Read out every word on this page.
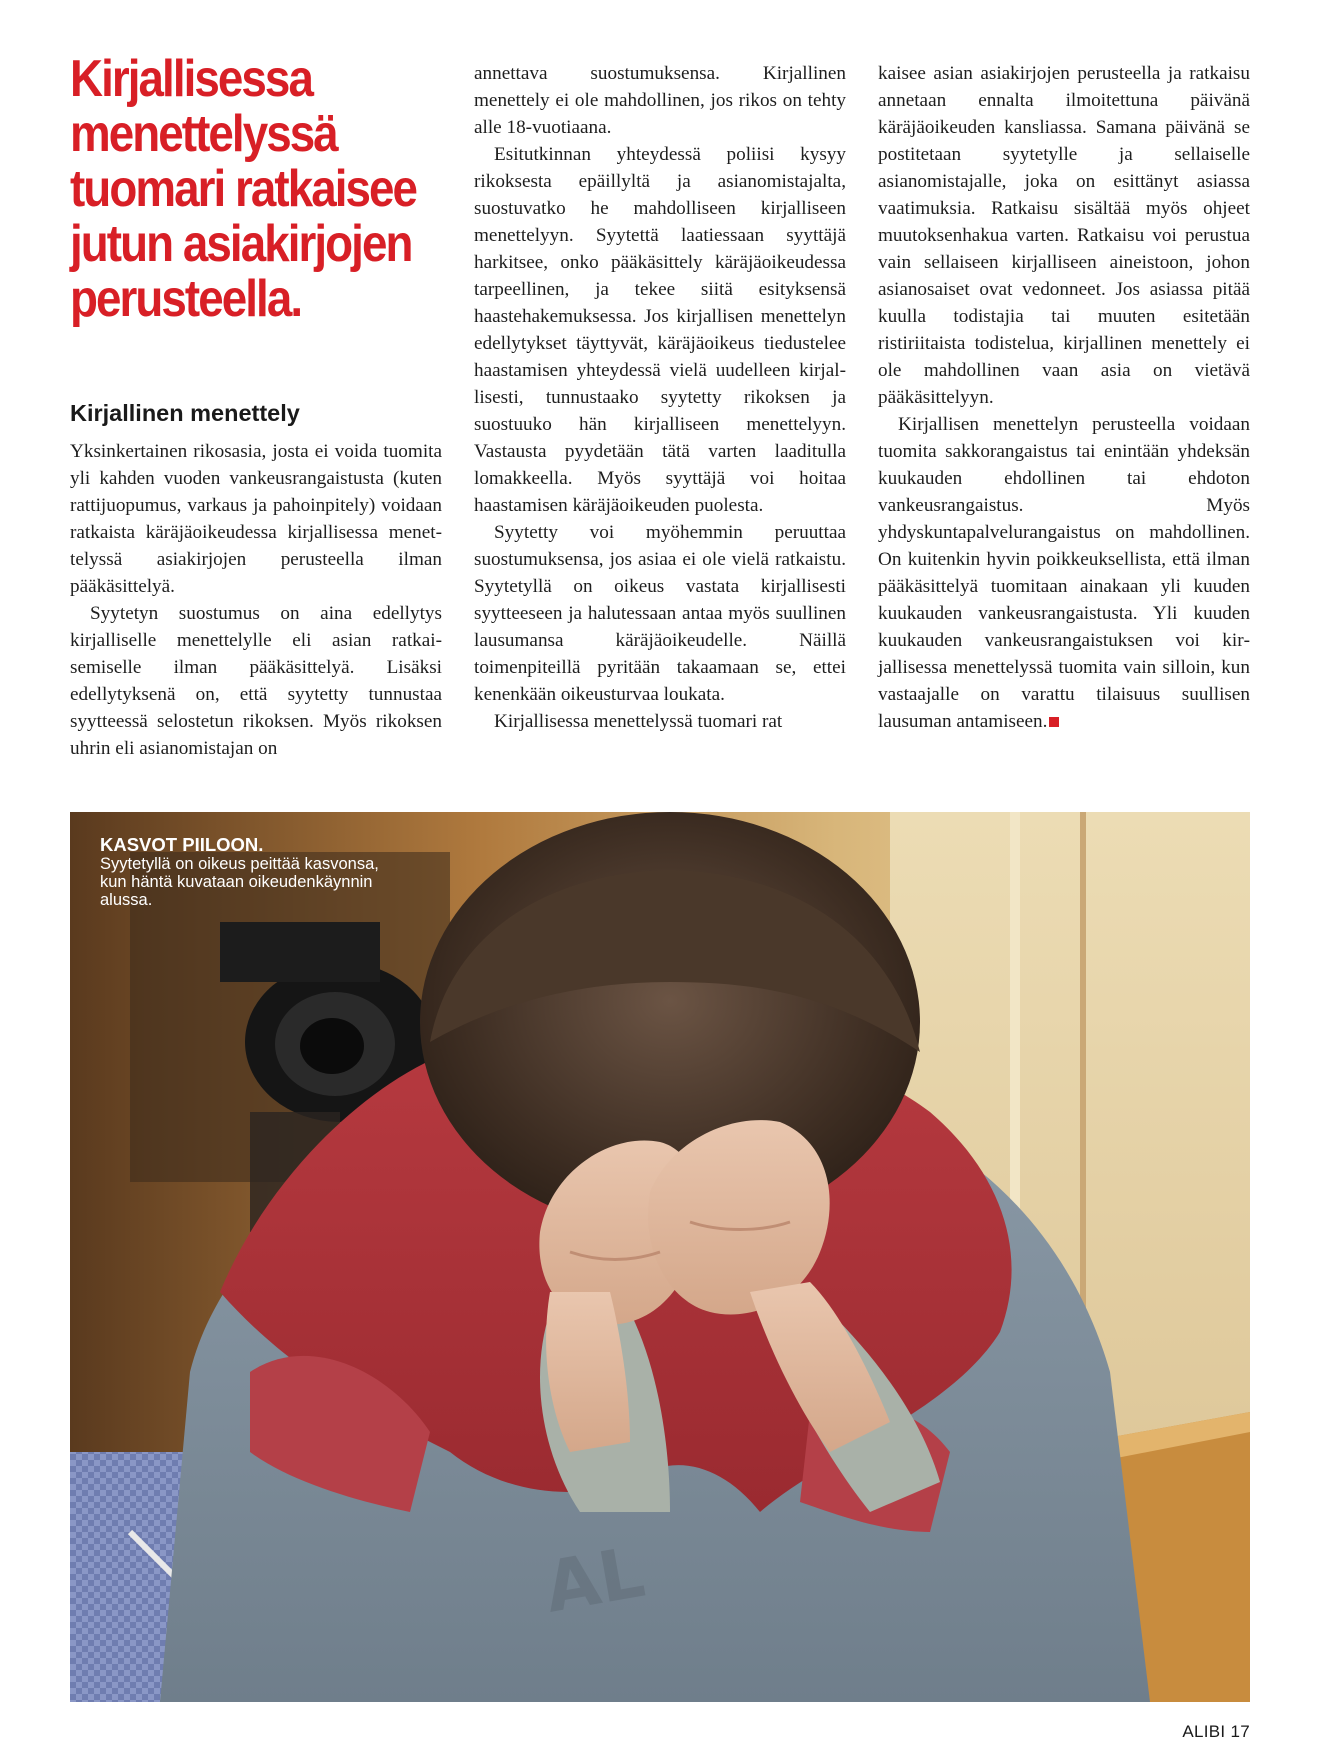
Kirjallisessa menettelyssä tuomari ratkaisee jutun asiakirjojen perusteella.
Kirjallinen menettely

Yksinkertainen rikosasia, josta ei voida tuomita yli kahden vuoden vankeusrangaistusta (kuten rattijuopumus, varkaus ja pahoinpitely) voidaan ratkaista käräjäoikeudessa kirjallisessa menettelyssä asiakirjojen perusteella ilman pääkäsittelyä.

Syytetyn suostumus on aina edellytys kirjalliselle menettelylle eli asian ratkaisemiselle ilman pääkäsittelyä. Lisäksi edellytyksenä on, että syytetty tunnustaa syytteessä selostetun rikoksen. Myös rikoksen uhrin eli asianomistajan on

annettava suostumuksensa. Kirjallinen menettely ei ole mahdollinen, jos rikos on tehty alle 18-vuotiaana.

Esitutkinnan yhteydessä poliisi kysyy rikoksesta epäillyltä ja asianomistajalta, suostuvatko he mahdolliseen kirjalliseen menettelyyn. Syytettä laatiessaan syyttäjä harkitsee, onko pääkäsittely käräjäoikeudessa tarpeellinen, ja tekee siitä esityksensä haastehakemuksessa. Jos kirjallisen menettelyn edellytykset täyttyvät, käräjäoikeus tiedustelee haastamisen yhteydessä vielä uudelleen kirjallisesti, tunnustaako syytetty rikoksen ja suostuuko hän kirjalliseen menettelyyn. Vastausta pyydetään tätä varten laaditulla lomakkeella. Myös syyttäjä voi hoitaa haastamisen käräjäoikeuden puolesta.

Syytetty voi myöhemmin peruuttaa suostumuksensa, jos asiaa ei ole vielä ratkaistu. Syytetyllä on oikeus vastata kirjallisesti syytteeseen ja halutessaan antaa myös suullinen lausumansa käräjäoikeudelle. Näillä toimenpiteillä pyritään takaamaan se, ettei kenenkään oikeusturvaa loukata.

Kirjallisessa menettelyssä tuomari rat

kaisee asian asiakirjojen perusteella ja ratkaisu annetaan ennalta ilmoitettuna päivänä käräjäoikeuden kansliassa. Samana päivänä se postitetaan syytetylle ja sellaiselle asianomistajalle, joka on esittänyt asiassa vaatimuksia. Ratkaisu sisältää myös ohjeet muutoksenhakua varten. Ratkaisu voi perustua vain sellaiseen kirjalliseen aineistoon, johon asianosaiset ovat vedonneet. Jos asiassa pitää kuulla todistajia tai muuten esitetään ristiriitaista todistelua, kirjallinen menettely ei ole mahdollinen vaan asia on vietävä pääkäsittelyyn.

Kirjallisen menettelyn perusteella voidaan tuomita sakkorangaistus tai enintään yhdeksän kuukauden ehdollinen tai ehdoton vankeusrangaistus. Myös yhdyskuntapalvelurangaistus on mahdollinen. On kuitenkin hyvin poikkeuksellista, että ilman pääkäsittelyä tuomitaan ainakaan yli kuuden kuukauden vankeusrangaistusta. Yli kuuden kuukauden vankeusrangaistuksen voi kirjallisessa menettelyssä tuomita vain silloin, kun vastaajalle on varattu tilaisuus suullisen lausuman antamiseen.

AL
KASVOT PIILOON.
Syytetyllä on oikeus peittää kasvonsa, kun häntä kuvataan oikeudenkäynnin alussa.
ALIBI 17
